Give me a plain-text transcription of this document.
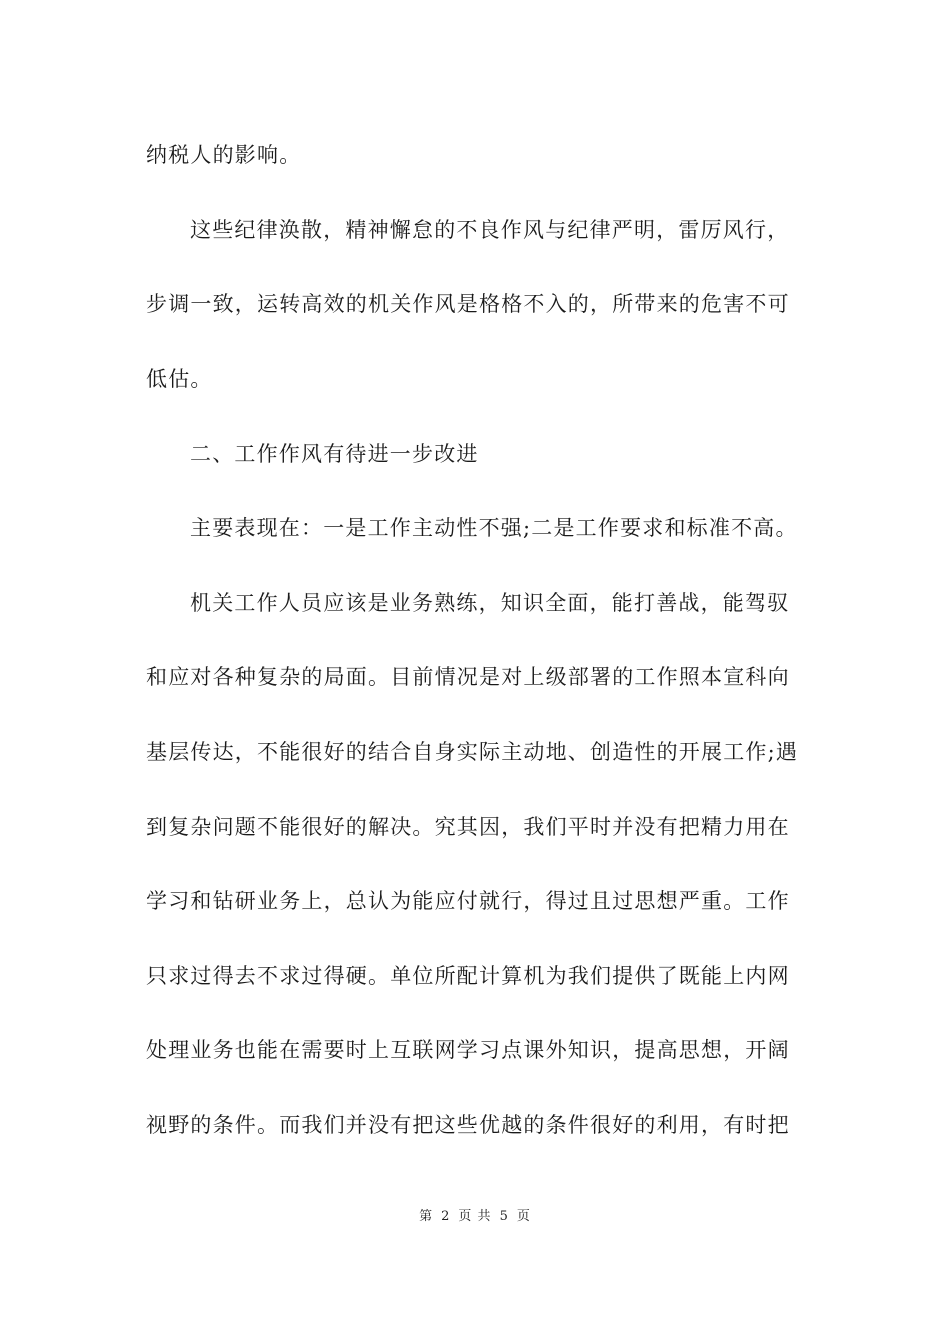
纳税人的影响。
这些纪律涣散，精神懈怠的不良作风与纪律严明，雷厉风行，
步调一致，运转高效的机关作风是格格不入的，所带来的危害不可
低估。
二、工作作风有待进一步改进
主要表现在：一是工作主动性不强;二是工作要求和标准不高。
机关工作人员应该是业务熟练，知识全面，能打善战，能驾驭
和应对各种复杂的局面。目前情况是对上级部署的工作照本宣科向
基层传达，不能很好的结合自身实际主动地、创造性的开展工作;遇
到复杂问题不能很好的解决。究其因，我们平时并没有把精力用在
学习和钻研业务上，总认为能应付就行，得过且过思想严重。工作
只求过得去不求过得硬。单位所配计算机为我们提供了既能上内网
处理业务也能在需要时上互联网学习点课外知识，提高思想，开阔
视野的条件。而我们并没有把这些优越的条件很好的利用，有时把
第 2 页 共 5 页
